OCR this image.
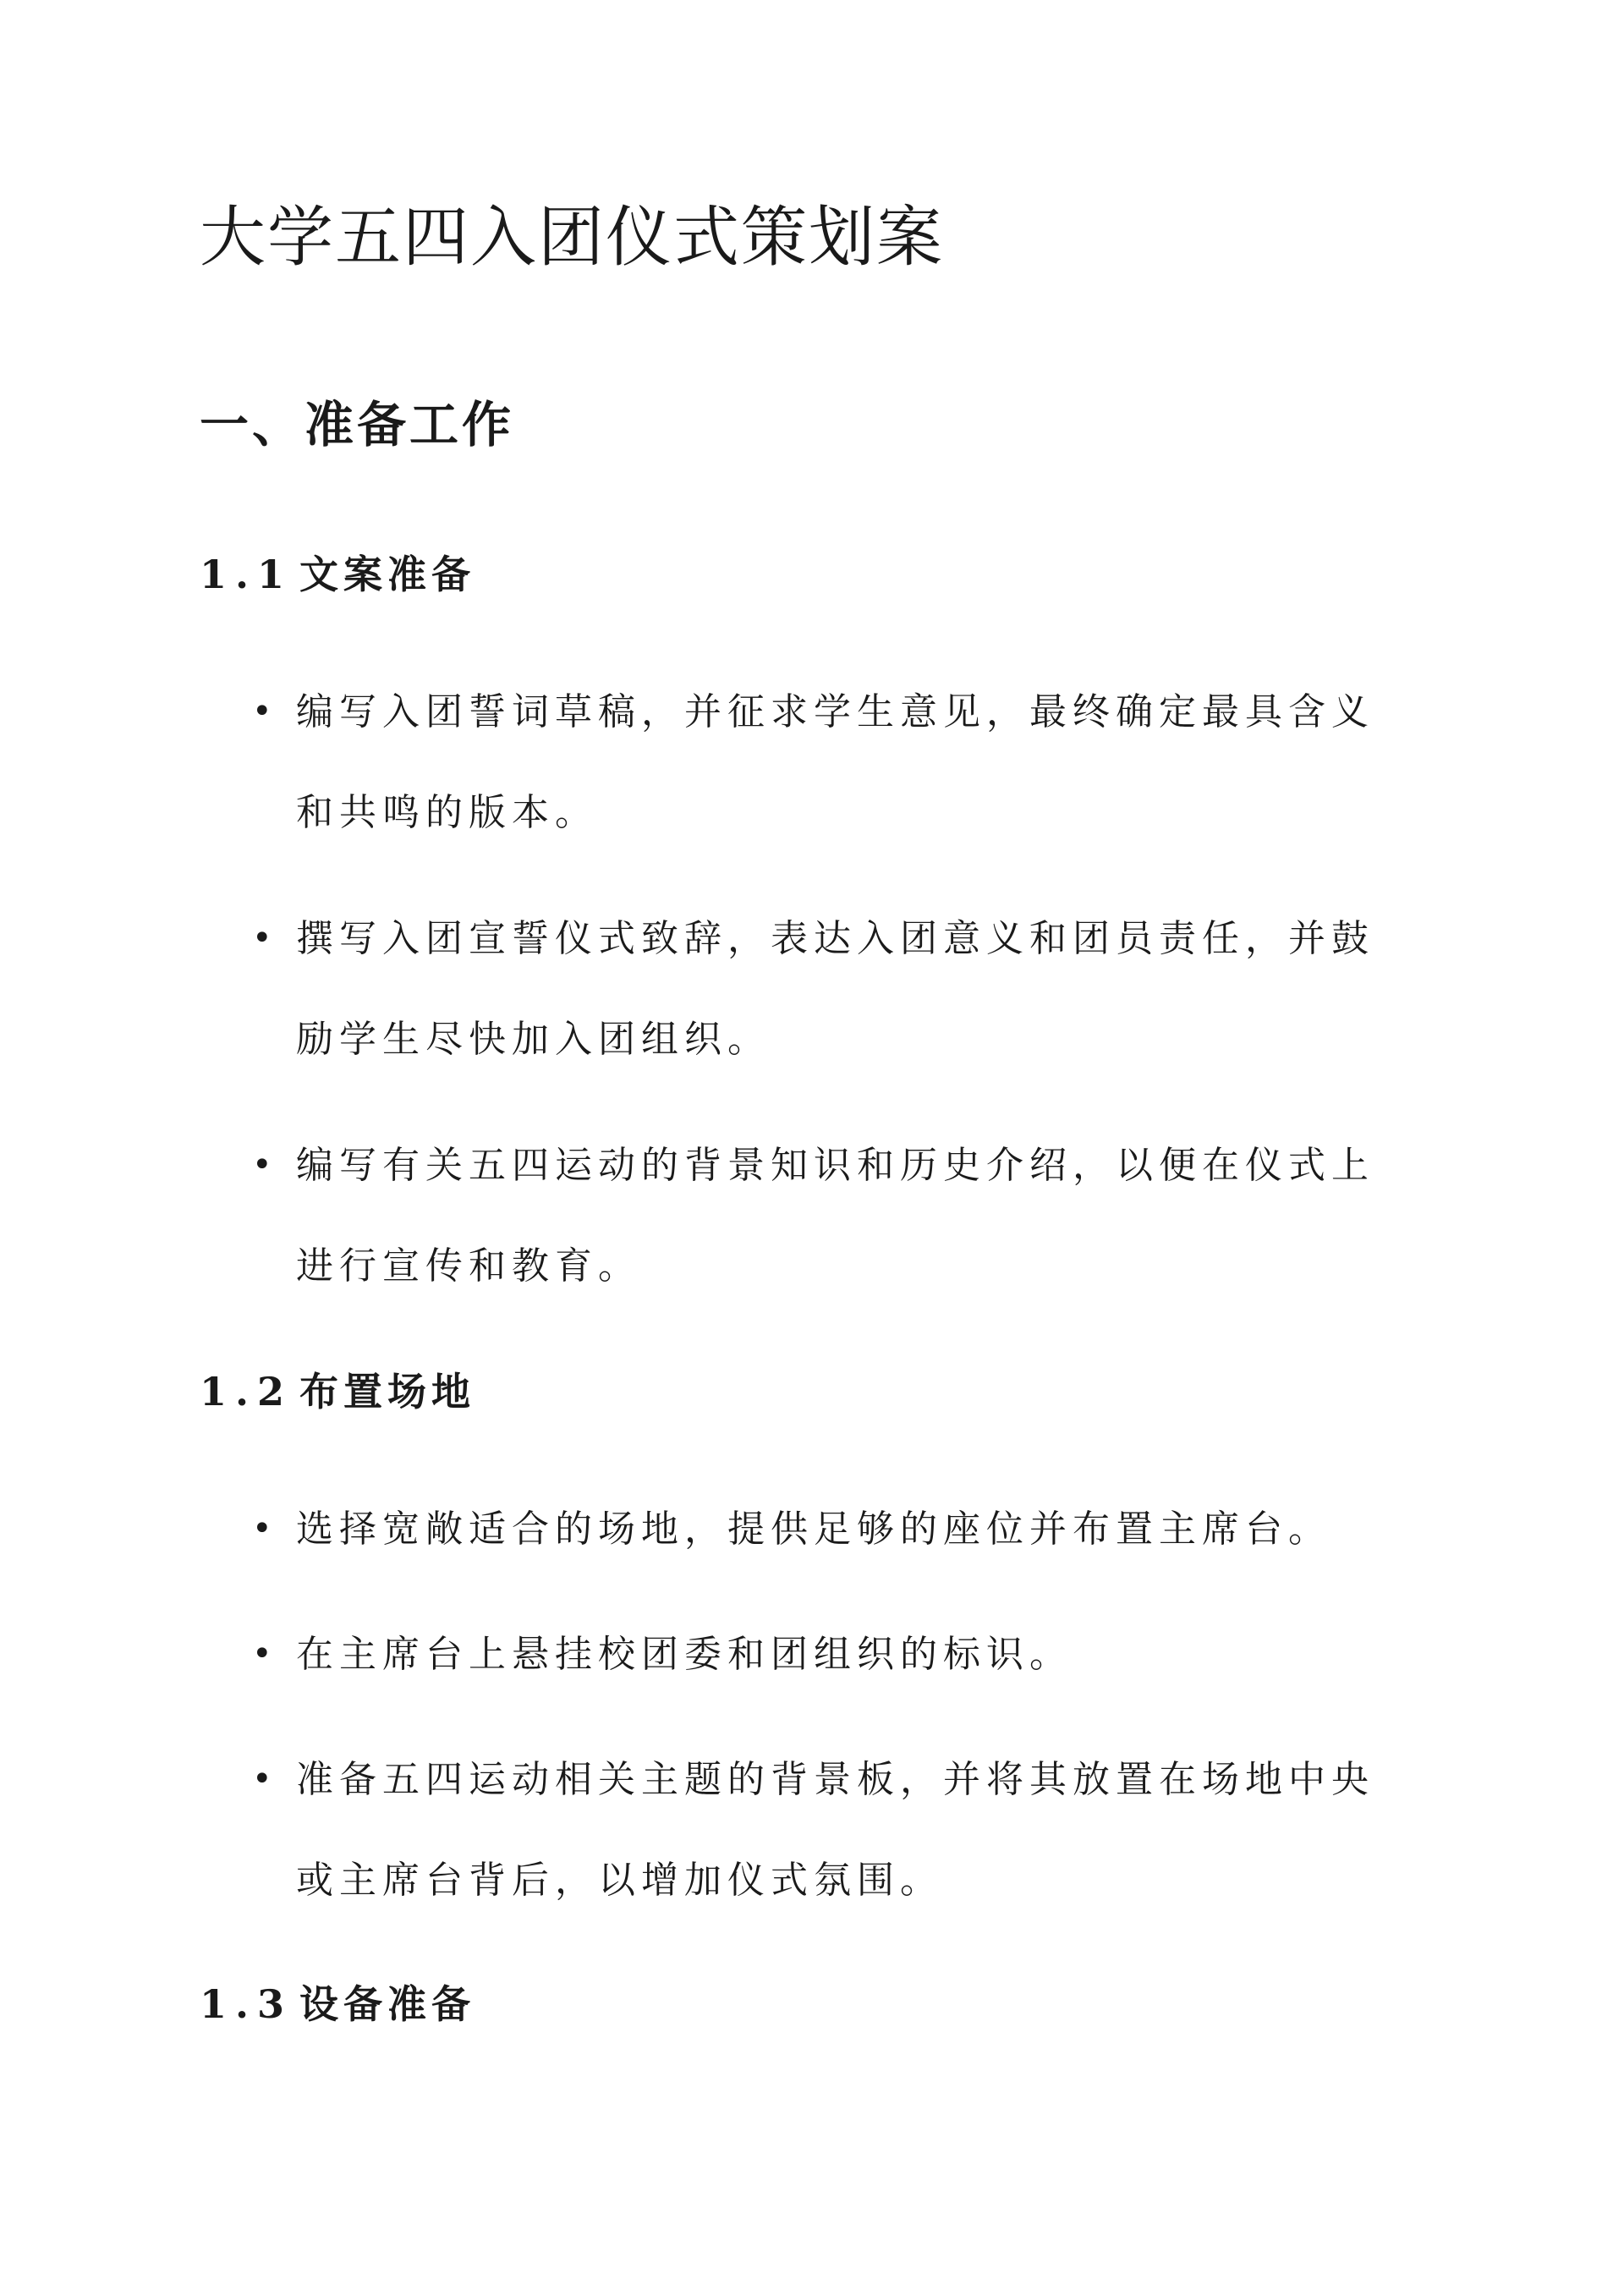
大学五四入团仪式策划案
一、准备工作
1.1 文案准备
• 编写入团誓词草稿，并征求学生意见，最终确定最具含义和共鸣的版本。
• 撰写入团宣誓仪式致辞，表达入团意义和团员责任，并鼓励学生尽快加入团组织。
• 编写有关五四运动的背景知识和历史介绍，以便在仪式上进行宣传和教育。
1.2 布置场地
• 选择宽敞适合的场地，提供足够的座位并布置主席台。
• 在主席台上悬挂校团委和团组织的标识。
• 准备五四运动相关主题的背景板，并将其放置在场地中央或主席台背后，以增加仪式氛围。
1.3 设备准备
